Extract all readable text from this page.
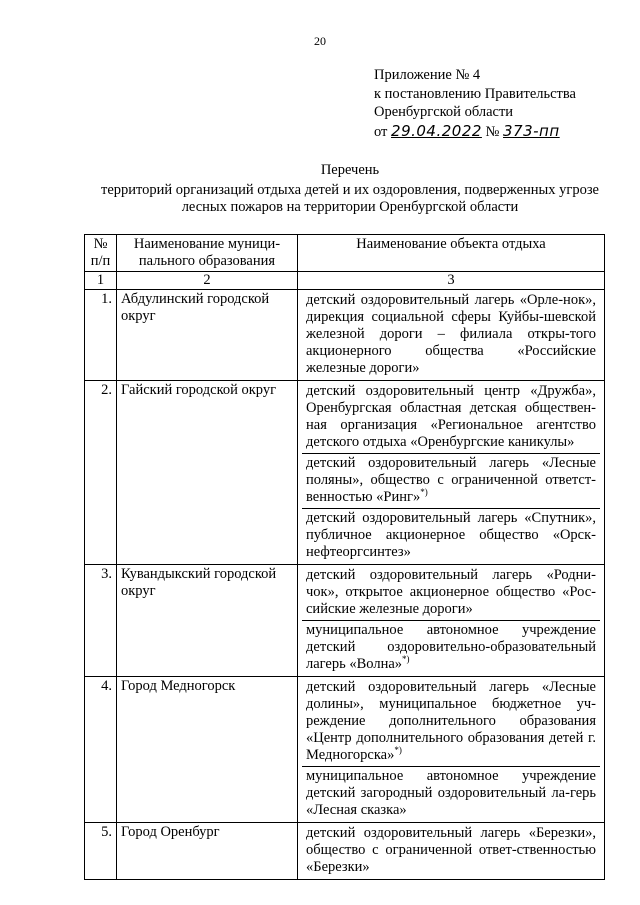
20
Приложение № 4
к постановлению Правительства
Оренбургской области
от 29.04.2022 № 373-пп
Перечень
территорий организаций отдыха детей и их оздоровления, подверженных угрозе лесных пожаров на территории Оренбургской области
№ п/п	Наименование муници-пального образования	Наименование объекта отдыха
1	2	3
1.	Абдулинский городской округ	детский оздоровительный лагерь «Орле-нок», дирекция социальной сферы Куйбы-шевской железной дороги – филиала откры-того акционерного общества «Российские железные дороги»

2.	Гайский городской округ	детский оздоровительный центр «Дружба», Оренбургская областная детская обществен-ная организация «Региональное агентство детского отдыха «Оренбургские каникулы»
детский оздоровительный лагерь «Лесные поляны», общество с ограниченной ответст-венностью «Ринг»*)
детский оздоровительный лагерь «Спутник», публичное акционерное общество «Орск-нефтеоргсинтез»

3.	Кувандыкский городской округ	детский оздоровительный лагерь «Родни-чок», открытое акционерное общество «Рос-сийские железные дороги»
муниципальное автономное учреждение детский оздоровительно-образовательный лагерь «Волна»*)

4.	Город Медногорск	детский оздоровительный лагерь «Лесные долины», муниципальное бюджетное уч-реждение дополнительного образования «Центр дополнительного образования детей г. Медногорска»*)
муниципальное автономное учреждение детский загородный оздоровительный ла-герь «Лесная сказка»

5.	Город Оренбург	детский оздоровительный лагерь «Березки», общество с ограниченной ответ-ственностью «Березки»
